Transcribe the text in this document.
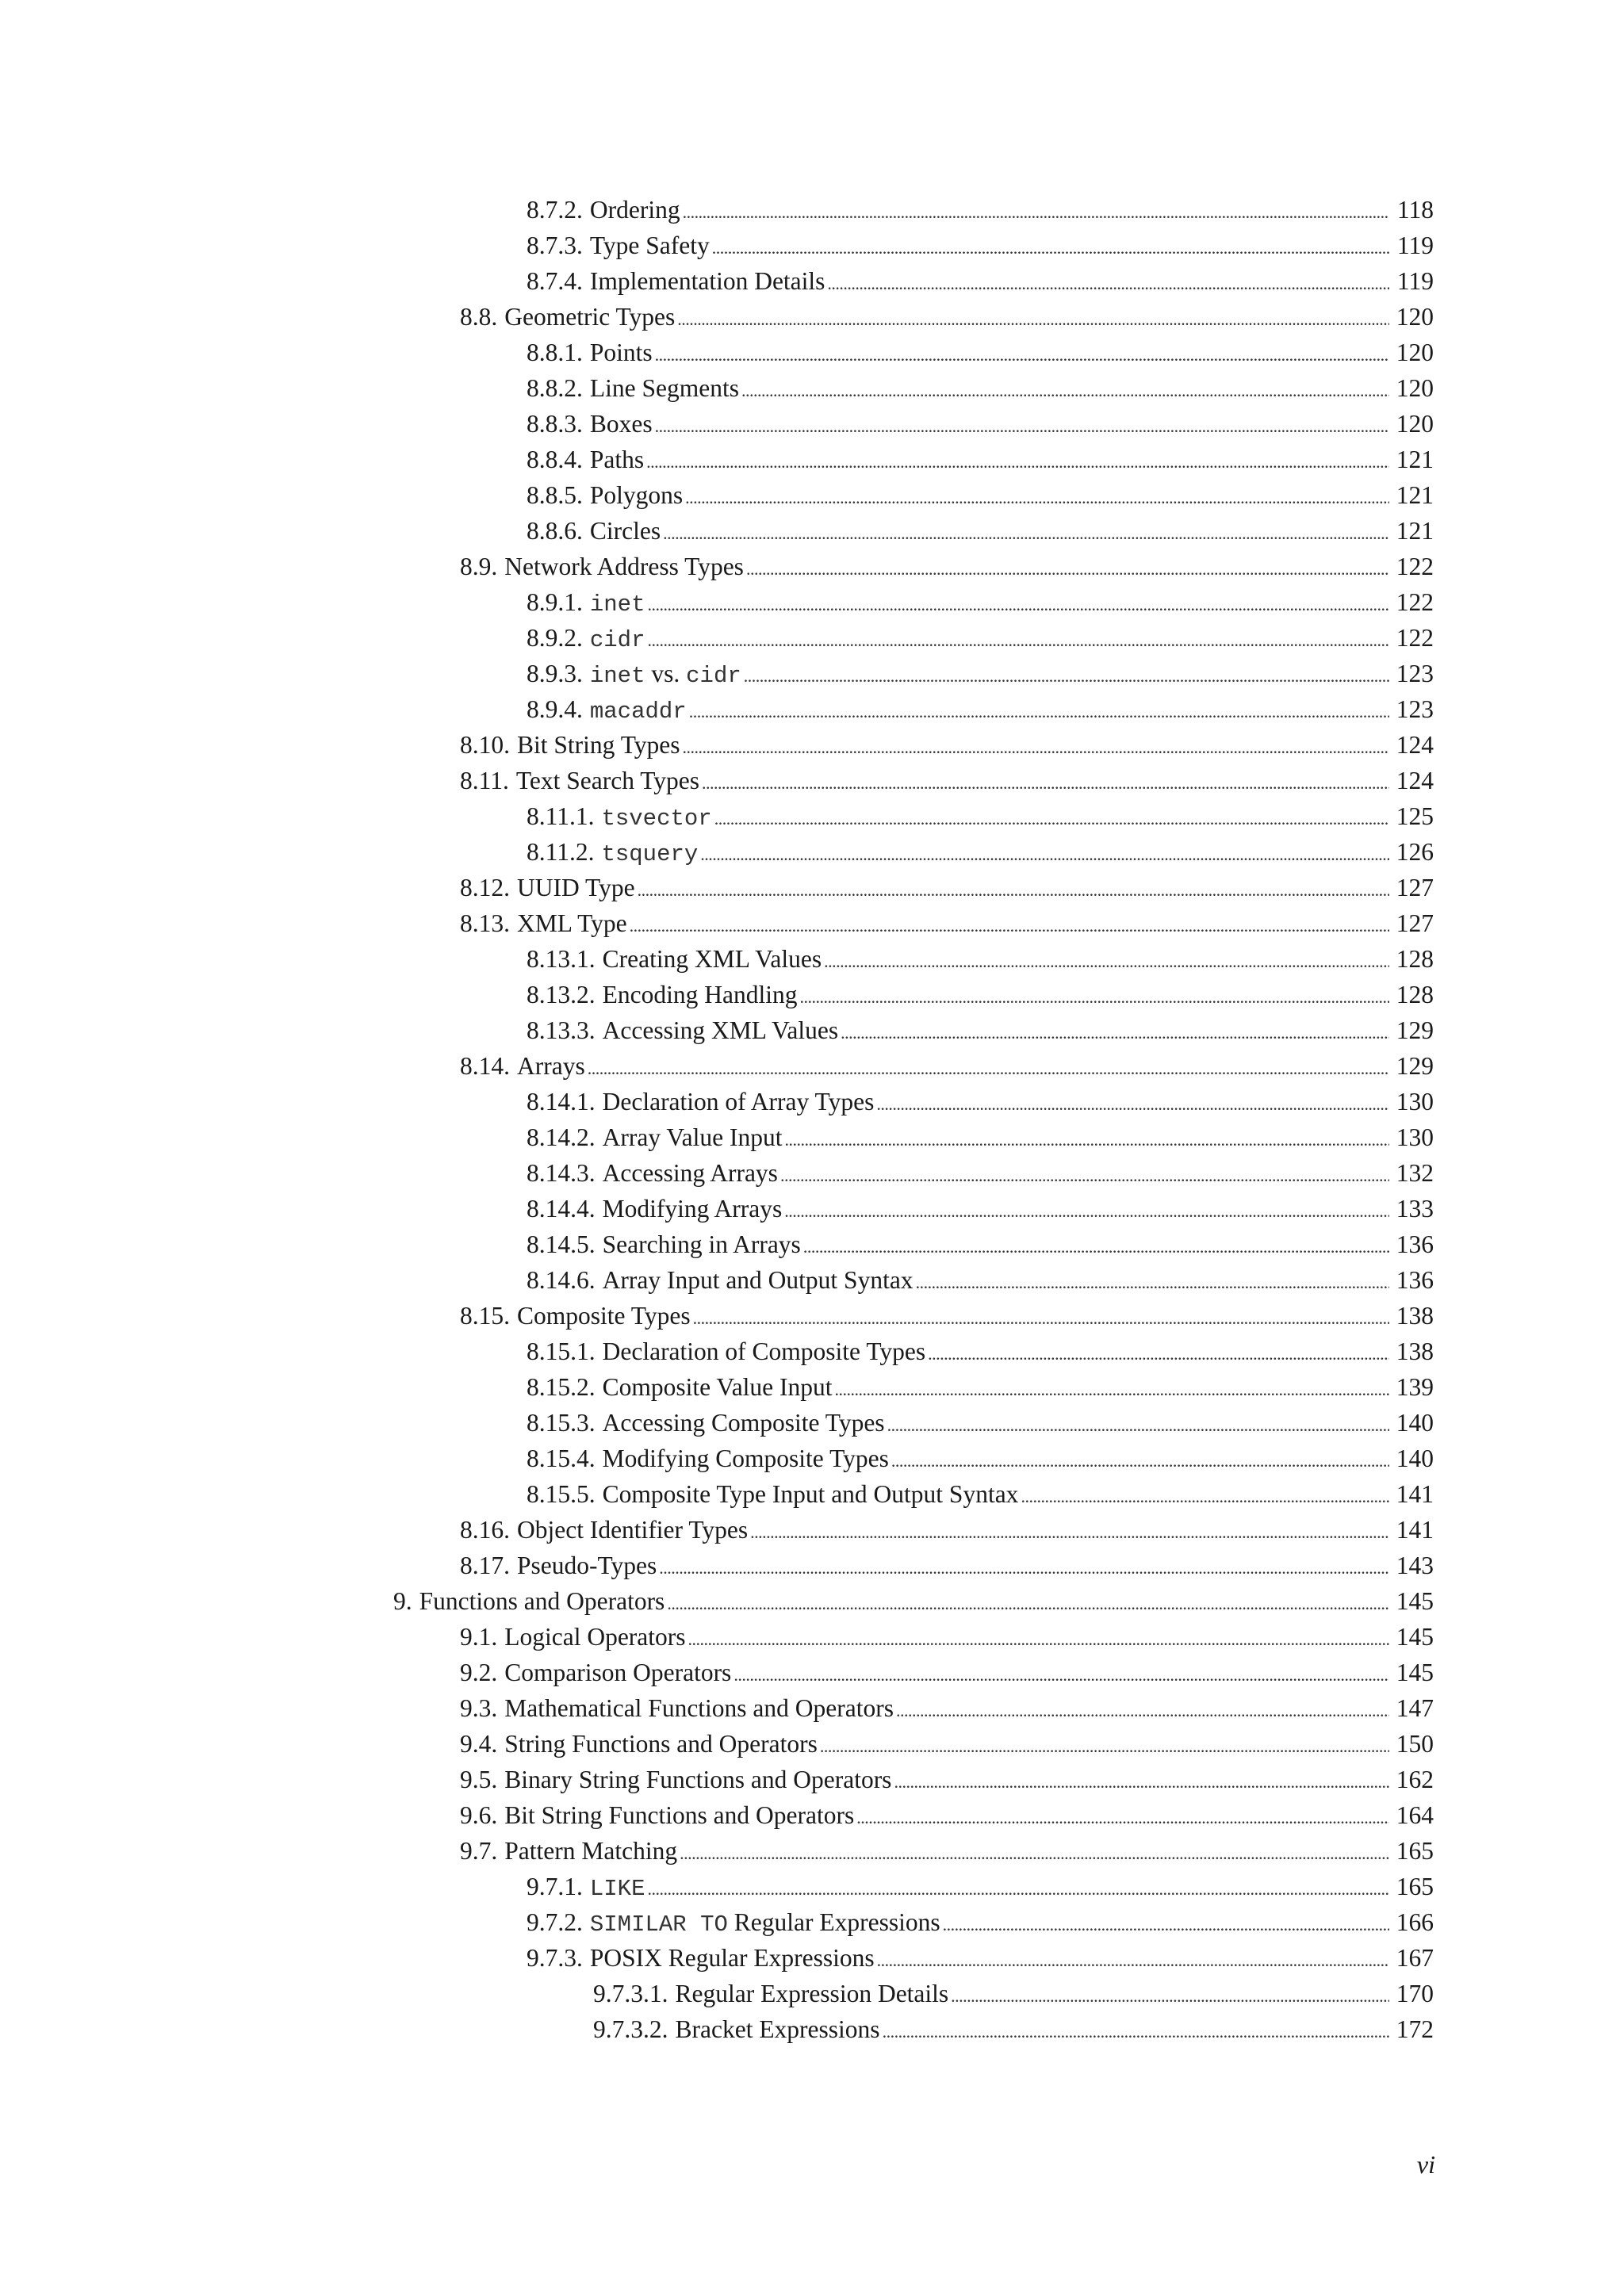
8.7.2. Ordering . . .	118
8.7.3. Type Safety . . .	119
8.7.4. Implementation Details . . .	119
8.8. Geometric Types . . .	120
8.8.1. Points . . .	120
8.8.2. Line Segments . . .	120
8.8.3. Boxes . . .	120
8.8.4. Paths . . .	121
8.8.5. Polygons . . .	121
8.8.6. Circles . . .	121
8.9. Network Address Types . . .	122
8.9.1. inet . . .	122
8.9.2. cidr . . .	122
8.9.3. inet vs. cidr . . .	123
8.9.4. macaddr . . .	123
8.10. Bit String Types . . .	124
8.11. Text Search Types . . .	124
8.11.1. tsvector . . .	125
8.11.2. tsquery . . .	126
8.12. UUID Type . . .	127
8.13. XML Type . . .	127
8.13.1. Creating XML Values . . .	128
8.13.2. Encoding Handling . . .	128
8.13.3. Accessing XML Values . . .	129
8.14. Arrays . . .	129
8.14.1. Declaration of Array Types . . .	130
8.14.2. Array Value Input . . .	130
8.14.3. Accessing Arrays . . .	132
8.14.4. Modifying Arrays . . .	133
8.14.5. Searching in Arrays . . .	136
8.14.6. Array Input and Output Syntax . . .	136
8.15. Composite Types . . .	138
8.15.1. Declaration of Composite Types . . .	138
8.15.2. Composite Value Input . . .	139
8.15.3. Accessing Composite Types . . .	140
8.15.4. Modifying Composite Types . . .	140
8.15.5. Composite Type Input and Output Syntax . . .	141
8.16. Object Identifier Types . . .	141
8.17. Pseudo-Types . . .	143
9. Functions and Operators . . .	145
9.1. Logical Operators . . .	145
9.2. Comparison Operators . . .	145
9.3. Mathematical Functions and Operators . . .	147
9.4. String Functions and Operators . . .	150
9.5. Binary String Functions and Operators . . .	162
9.6. Bit String Functions and Operators . . .	164
9.7. Pattern Matching . . .	165
9.7.1. LIKE . . .	165
9.7.2. SIMILAR TO Regular Expressions . . .	166
9.7.3. POSIX Regular Expressions . . .	167
9.7.3.1. Regular Expression Details . . .	170
9.7.3.2. Bracket Expressions . . .	172
vi
